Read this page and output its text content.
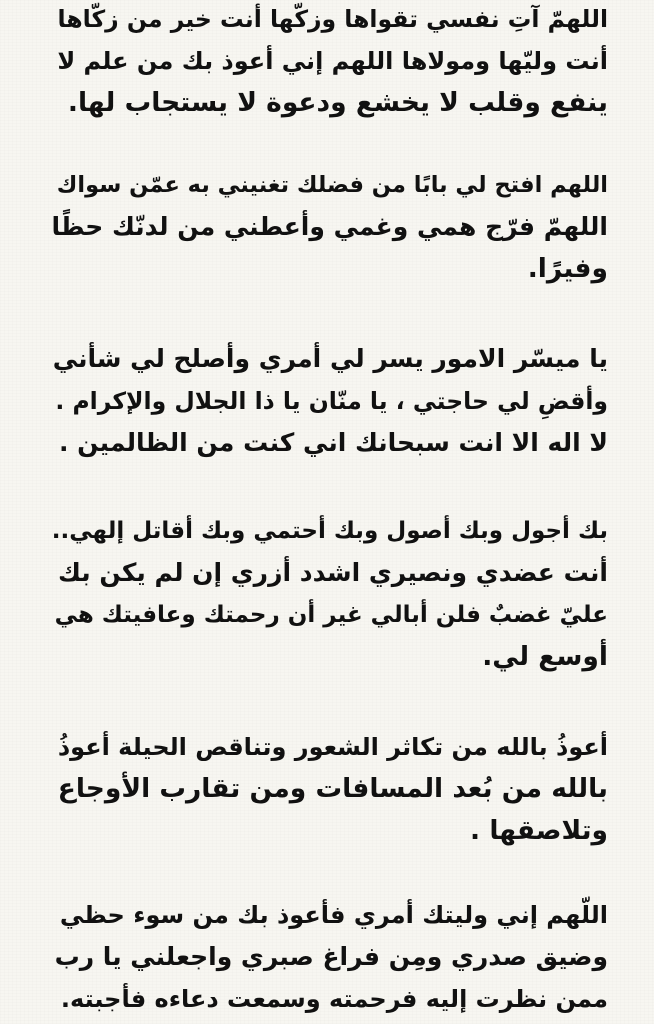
اللهمّ آتِ نفسي تقواها وزكّها أنت خير من زكّاها
أنت وليّها ومولاها اللهم إني أعوذ بك من علم لا
ينفع وقلب لا يخشع ودعوة لا يستجاب لها.

اللهم افتح لي بابًا من فضلك تغنيني به عمّن سواك
اللهمّ فرّج همي وغمي وأعطني من لدنّك حظًا
وفيرًا.

يا ميسّر الامور يسر لي أمري وأصلح لي شأني
وأقضِ لي حاجتي ، يا منّان يا ذا الجلال والإكرام .
لا اله الا انت سبحانك اني كنت من الظالمين .

بك أجول وبك أصول وبك أحتمي وبك أقاتل إلهي..
أنت عضدي ونصيري اشدد أزري إن لم يكن بك
عليّ غضبٌ فلن أبالي غير أن رحمتك وعافيتك هي
أوسع لي.

أعوذُ بالله من تكاثر الشعور وتناقص الحيلة أعوذُ
بالله من بُعد المسافات ومن تقارب الأوجاع
وتلاصقها .

اللّهم إني وليتك أمري فأعوذ بك من سوء حظي
وضيق صدري ومِن فراغ صبري واجعلني يا رب
ممن نظرت إليه فرحمته وسمعت دعاءه فأجبته.
